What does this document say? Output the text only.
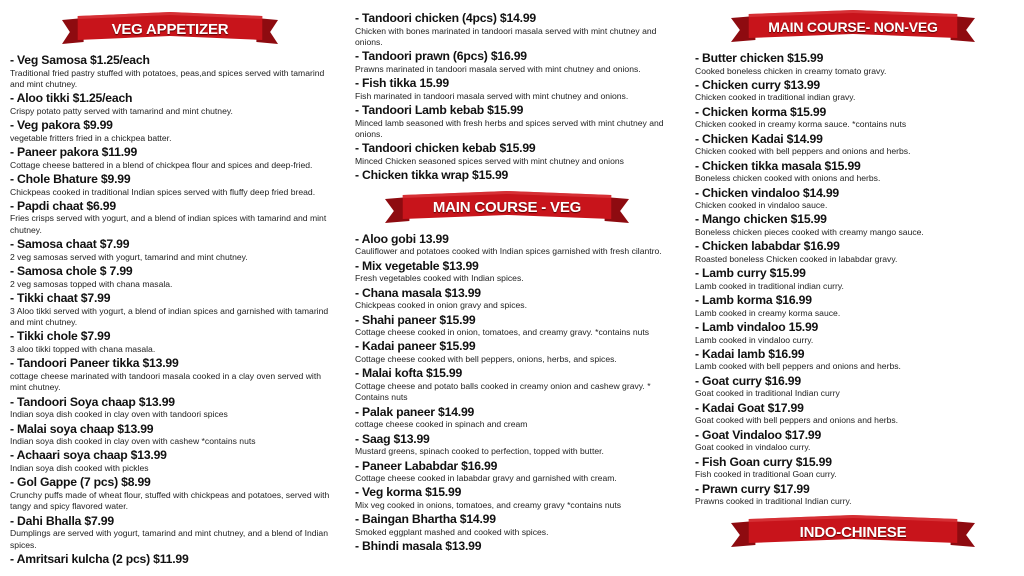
VEG APPETIZER
- Veg Samosa $1.25/each
Traditional fried pastry stuffed with potatoes, peas,and spices served with tamarind and mint chutney.
- Aloo tikki $1.25/each
Crispy potato patty served with tamarind and mint chutney.
- Veg pakora $9.99
vegetable fritters fried in a chickpea batter.
- Paneer pakora $11.99
Cottage cheese battered in a blend of chickpea flour and spices and deep-fried.
- Chole Bhature $9.99
Chickpeas cooked in traditional Indian spices served with fluffy deep fried bread.
- Papdi chaat $6.99
Fries crisps served with yogurt, and a blend of indian spices with tamarind and mint chutney.
- Samosa chaat $7.99
2 veg samosas served with yogurt, tamarind and mint chutney.
- Samosa chole $ 7.99
2 veg samosas topped with chana masala.
- Tikki chaat $7.99
3 Aloo tikki served with yogurt, a blend of indian spices and garnished with tamarind and mint chutney.
- Tikki chole $7.99
3 aloo tikki topped with chana masala.
- Tandoori Paneer tikka $13.99
cottage cheese marinated with tandoori masala cooked in a clay oven served with mint chutney.
- Tandoori Soya chaap $13.99
Indian soya dish cooked in clay oven with tandoori spices
- Malai soya chaap $13.99
Indian soya dish cooked in clay oven with cashew *contains nuts
- Achaari soya chaap $13.99
Indian soya dish cooked with pickles
- Gol Gappe (7 pcs) $8.99
Crunchy puffs made of wheat flour, stuffed with chickpeas and potatoes, served with tangy and spicy flavored water.
- Dahi Bhalla $7.99
Dumplings are served with yogurt, tamarind and mint chutney, and a blend of Indian spices.
- Amritsari kulcha (2 pcs) $11.99
- Tandoori chicken (4pcs) $14.99
Chicken with bones marinated in tandoori masala served with mint chutney and onions.
- Tandoori prawn (6pcs) $16.99
Prawns marinated in tandoori masala served with mint chutney and onions.
- Fish tikka 15.99
Fish marinated in tandoori masala served with mint chutney and onions.
- Tandoori Lamb kebab $15.99
Minced lamb seasoned with fresh herbs and spices served with mint chutney and onions.
- Tandoori chicken kebab $15.99
Minced Chicken seasoned spices served with mint chutney and onions
- Chicken tikka wrap $15.99
MAIN COURSE - VEG
- Aloo gobi 13.99
Cauliflower and potatoes cooked with Indian spices garnished with fresh cilantro.
- Mix vegetable $13.99
Fresh vegetables cooked with Indian spices.
- Chana masala $13.99
Chickpeas cooked in onion gravy and spices.
- Shahi paneer $15.99
Cottage cheese cooked in onion, tomatoes, and creamy gravy. *contains nuts
- Kadai paneer $15.99
Cottage cheese cooked with bell peppers, onions, herbs, and spices.
- Malai kofta $15.99
Cottage cheese and potato balls cooked in creamy onion and cashew gravy. * Contains nuts
- Palak paneer $14.99
cottage cheese cooked in spinach and cream
- Saag $13.99
Mustard greens, spinach cooked to perfection, topped with butter.
- Paneer Lababdar $16.99
Cottage cheese cooked in lababdar gravy and garnished with cream.
- Veg korma $15.99
Mix veg cooked in onions, tomatoes, and creamy gravy *contains nuts
- Baingan Bhartha $14.99
Smoked eggplant mashed and cooked with spices.
- Bhindi masala $13.99
MAIN COURSE- NON-VEG
- Butter chicken $15.99
Cooked boneless chicken in creamy tomato gravy.
- Chicken curry $13.99
Chicken cooked in traditional indian gravy.
- Chicken korma $15.99
Chicken cooked in creamy korma sauce. *contains nuts
- Chicken Kadai $14.99
Chicken cooked with bell peppers and onions and herbs.
- Chicken tikka masala $15.99
Boneless chicken cooked with onions and herbs.
- Chicken vindaloo $14.99
Chicken cooked in vindaloo sauce.
- Mango chicken $15.99
Boneless chicken pieces cooked with creamy mango sauce.
- Chicken lababdar $16.99
Roasted boneless Chicken cooked in lababdar gravy.
- Lamb curry $15.99
Lamb cooked in traditional indian curry.
- Lamb korma $16.99
Lamb cooked in creamy korma sauce.
- Lamb vindaloo 15.99
Lamb cooked in vindaloo curry.
- Kadai lamb $16.99
Lamb cooked with bell peppers and onions and herbs.
- Goat curry $16.99
Goat cooked in traditional Indian curry
- Kadai Goat $17.99
Goat cooked with bell peppers and onions and herbs.
- Goat Vindaloo $17.99
Goat cooked in vindaloo curry.
- Fish Goan curry $15.99
Fish cooked in traditional Goan curry.
- Prawn curry $17.99
Prawns cooked in traditional Indian curry.
INDO-CHINESE
